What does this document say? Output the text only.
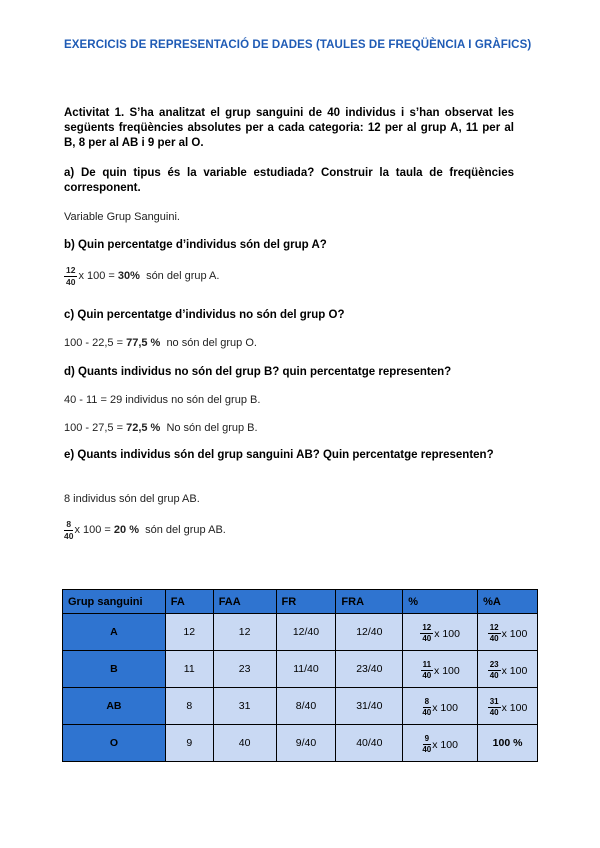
EXERCICIS DE REPRESENTACIÓ DE DADES (TAULES DE FREQÜÈNCIA I GRÀFICS)
Activitat 1. S’ha analitzat el grup sanguini de 40 individus i s’han observat les següents freqüències absolutes per a cada categoria: 12 per al grup A, 11 per al B, 8 per al AB i 9 per al O.
a) De quin tipus és la variable estudiada? Construir la taula de freqüències corresponent.
Variable Grup Sanguini.
b) Quin percentatge d’individus són del grup A?
$\frac{12}{40}$ x 100 = 30% són del grup A.
c) Quin percentatge d’individus no són del grup O?
100 - 22,5 = 77,5 % no són del grup O.
d) Quants individus no són del grup B? quin percentatge representen?
40 - 11 = 29 individus no són del grup B.
100 - 27,5 = 72,5 % No són del grup B.
e) Quants individus són del grup sanguini AB? Quin percentatge representen?
8 individus són del grup AB.
$\frac{8}{40}$ x 100 = 20 % són del grup AB.
Grup sanguini	FA	FAA	FR	FRA	%	%A
A	12	12	12/40	12/40	$\frac{12}{40}$ x 100	$\frac{12}{40}$ x 100

B	11	23	11/40	23/40	$\frac{11}{40}$ x 100	$\frac{23}{40}$ x 100

AB	8	31	8/40	31/40	$\frac{8}{40}$ x 100	$\frac{31}{40}$ x 100

O	9	40	9/40	40/40	$\frac{9}{40}$ x 100	100 %
